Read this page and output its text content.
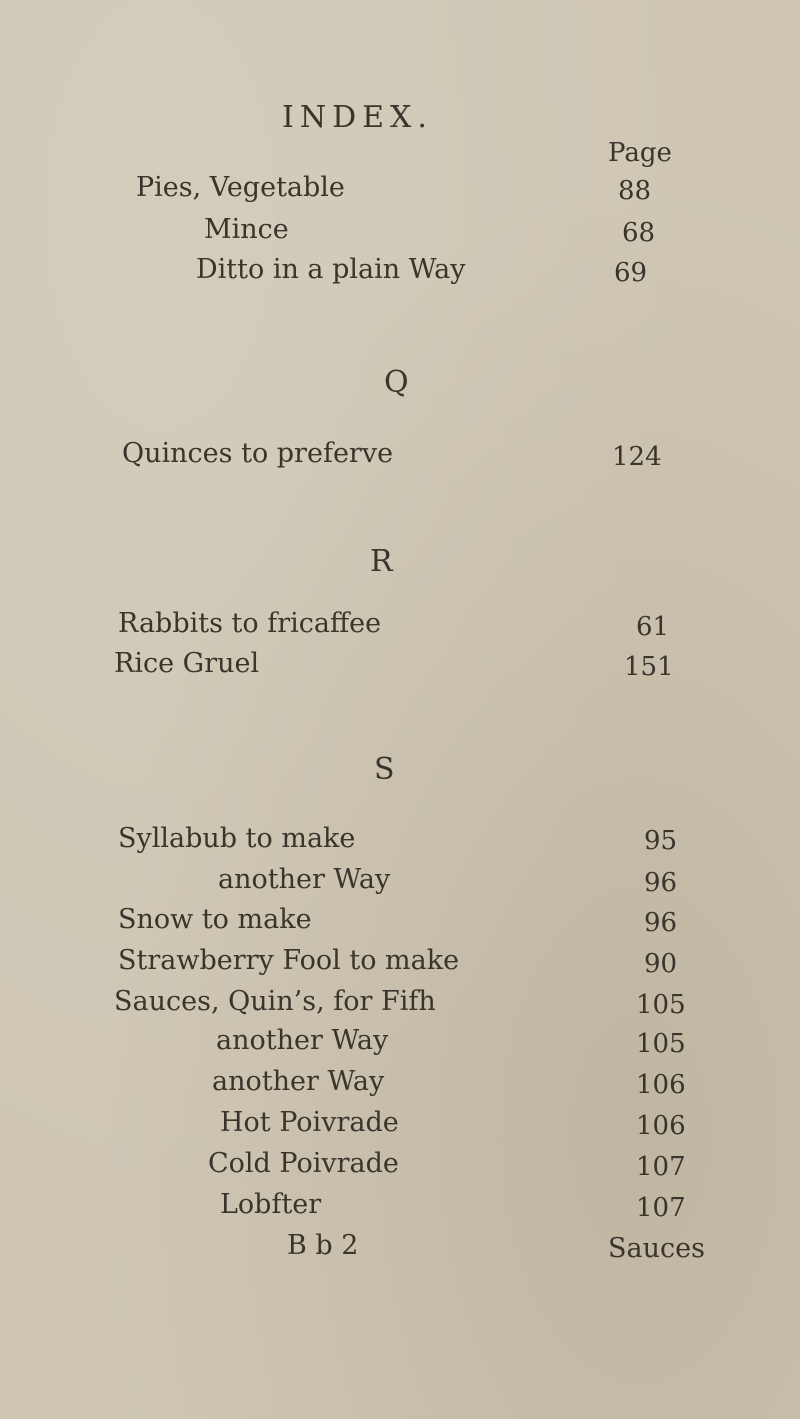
INDEX.
Page
Pies, Vegetable	88
Mince	68
Ditto in a plain Way	69
Q
Quinces to preferve	124
R
Rabbits to fricaffee	61
Rice Gruel	151
S
Syllabub to make	95
another Way	96
Snow to make	96
Strawberry Fool to make	90
Sauces, Quin’s, for Fifh	105
another Way	105
another Way	106
Hot Poivrade	106
Cold Poivrade	107
Lobfter	107
B b 2	Sauces
